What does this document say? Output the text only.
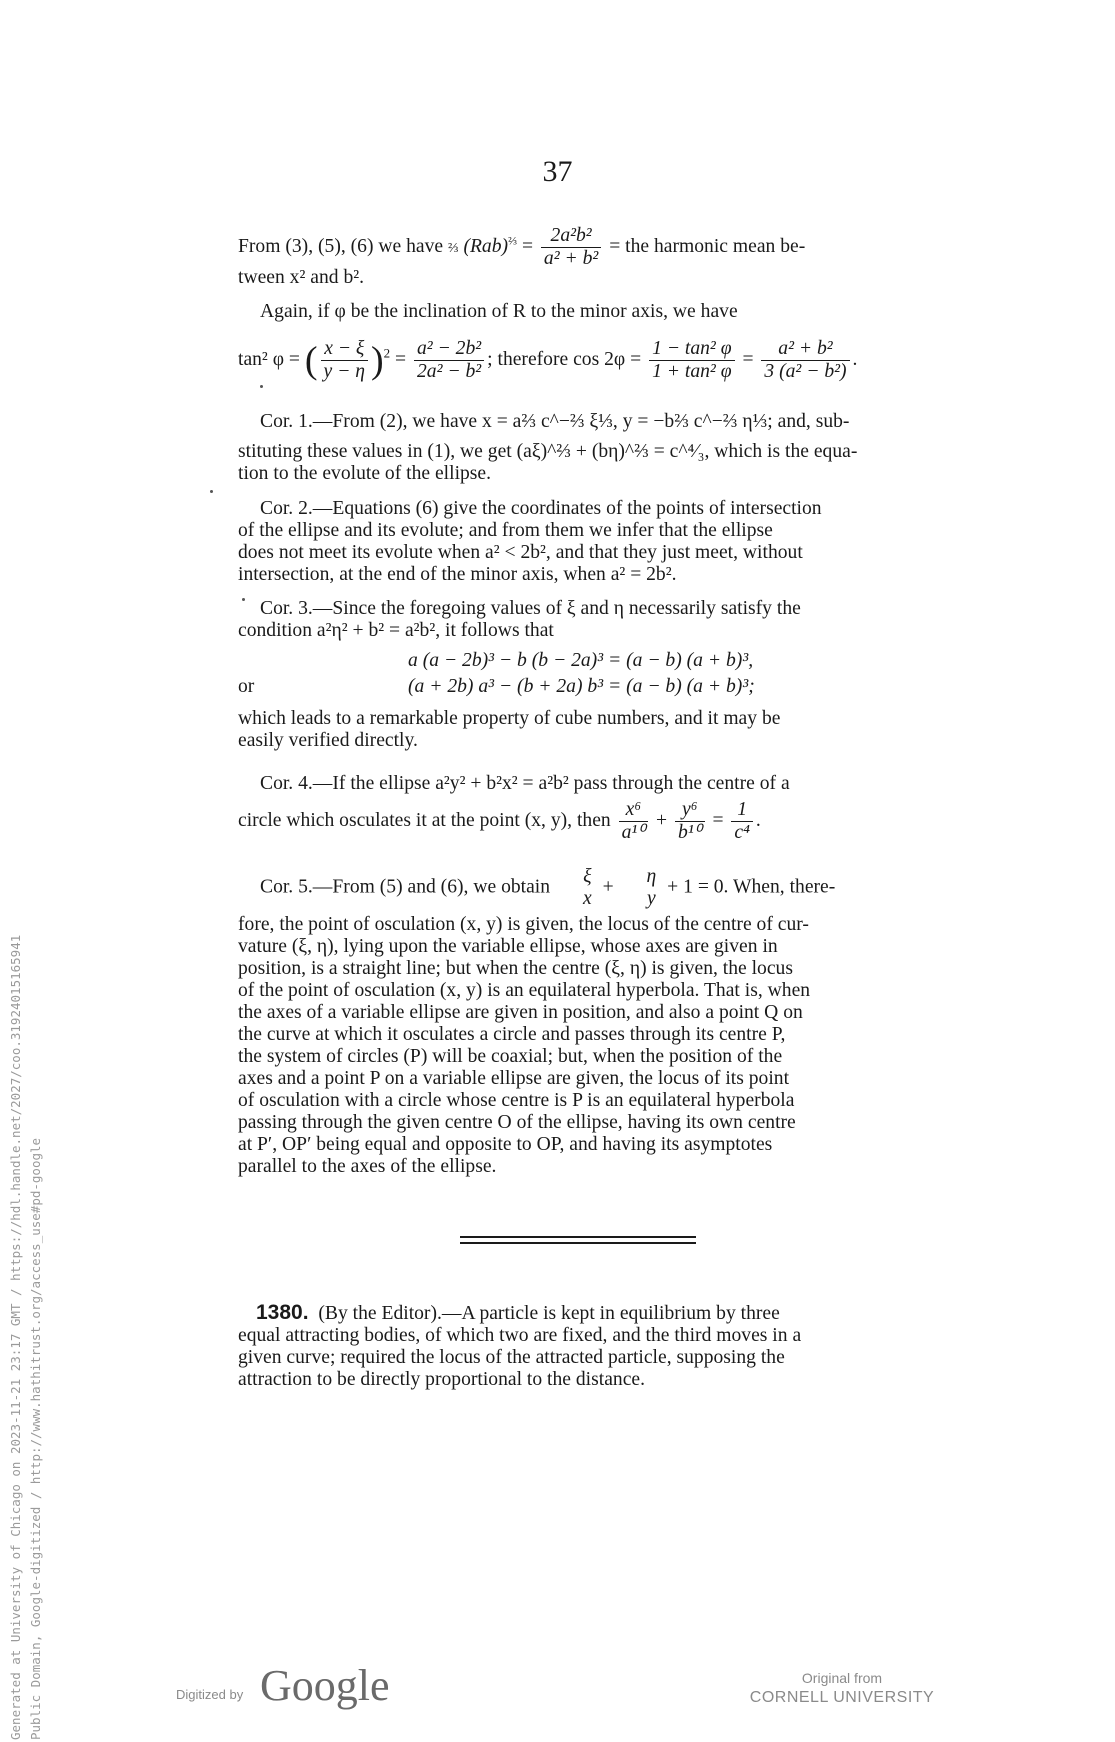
37
From (3), (5), (6) we have ⅔ $(Rab)^{\frac{2}{3}} = \frac{\text{2a²b²}}{\text{a² + b²}}$ = the harmonic mean be-
tween x² and b².
Again, if φ be the inclination of R to the minor axis, we have
tan² φ = ( $\frac{x - \xi}{y - \eta} )^2 = \frac{\text{a² − 2b²}}{\text{2a² − b²}}$ ; therefore $\cos 2\varphi = \frac{\text{1 − tan² φ}}{\text{1 + tan² φ}} = \frac{\text{a² + b²}}{\text{3 (a² − b²)}}$ .
Cor. 1.—From (2), we have x = a⅔ c^−⅔ ξ⅓, y = −b⅔ c^−⅔ η⅓; and, sub-
stituting these values in (1), we get (aξ)^⅔ + (bη)^⅔ = c^⁴⁄₃, which is the equa-
tion to the evolute of the ellipse.
Cor. 2.—Equations (6) give the coordinates of the points of intersection
of the ellipse and its evolute; and from them we infer that the ellipse
does not meet its evolute when a² < 2b², and that they just meet, without
intersection, at the end of the minor axis, when a² = 2b².
Cor. 3.—Since the foregoing values of ξ and η necessarily satisfy the
condition a²η² + b² = a²b², it follows that
a (a − 2b)³ − b (b − 2a)³ = (a − b) (a + b)³,
or	(a + 2b) a³ − (b + 2a) b³ = (a − b) (a + b)³;
which leads to a remarkable property of cube numbers, and it may be
easily verified directly.
Cor. 4.—If the ellipse a²y² + b²x² = a²b² pass through the centre of a
circle which osculates it at the point (x, y), then $\frac{\text{x⁶}}{\text{a¹⁰}} + \frac{\text{y⁶}}{\text{b¹⁰}} = \frac{1}{\text{c⁴}}$ .
Cor. 5.—From (5) and (6), we obtain	ξ
x
+	η
y
+ 1 = 0. When, there-
fore, the point of osculation (x, y) is given, the locus of the centre of cur-
vature (ξ, η), lying upon the variable ellipse, whose axes are given in
position, is a straight line; but when the centre (ξ, η) is given, the locus
of the point of osculation (x, y) is an equilateral hyperbola. That is, when
the axes of a variable ellipse are given in position, and also a point Q on
the curve at which it osculates a circle and passes through its centre P,
the system of circles (P) will be coaxial; but, when the position of the
axes and a point P on a variable ellipse are given, the locus of its point
of osculation with a circle whose centre is P is an equilateral hyperbola
passing through the given centre O of the ellipse, having its own centre
at P′, OP′ being equal and opposite to OP, and having its asymptotes
parallel to the axes of the ellipse.
1380. (By the Editor).—A particle is kept in equilibrium by three
equal attracting bodies, of which two are fixed, and the third moves in a
given curve; required the locus of the attracted particle, supposing the
attraction to be directly proportional to the distance.
Generated at University of Chicago on 2023-11-21 23:17 GMT / https://hdl.handle.net/2027/coo.31924015165941 Public Domain, Google-digitized / http://www.hathitrust.org/access_use#pd-google	Digitized by Google	Original from
CORNELL UNIVERSITY
